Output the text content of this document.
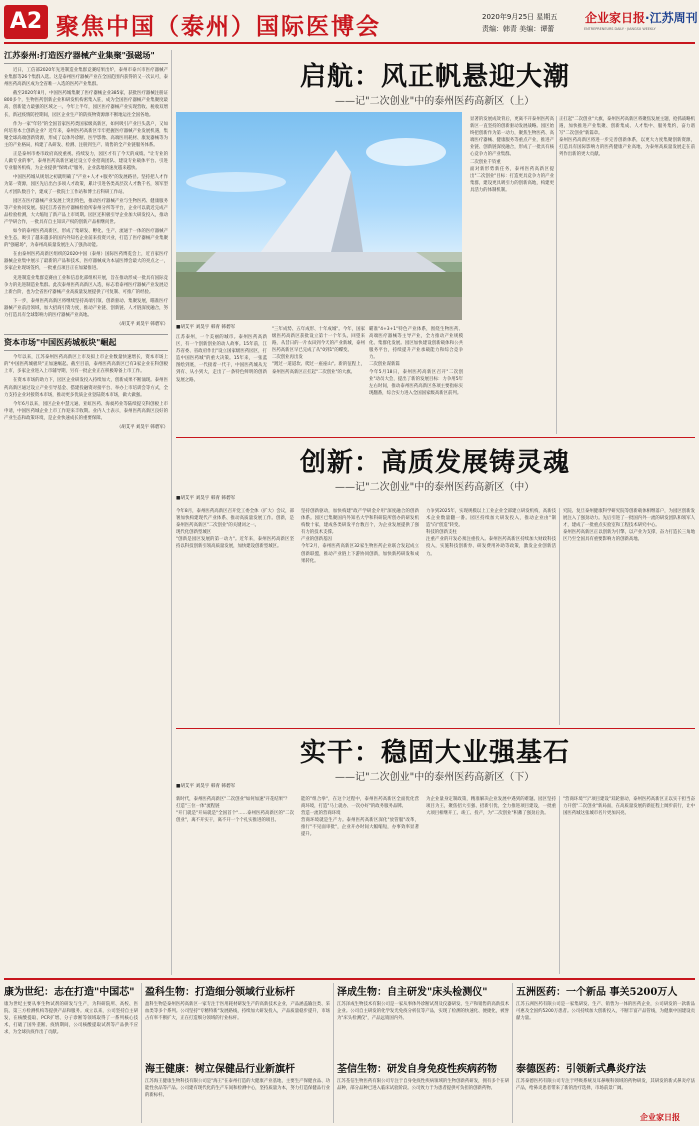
A2 聚焦中国（泰州）国际医博会	2020年9月25日 星期五
责编：韩青 美编：谭蕾
企业家日报·江苏周刊
ENTREPRENEURS DAILY · JIANGSU WEEKLY
江苏泰州:打造医疗器械产业集聚"强磁场"

近日，工信部2020年先进制造业集群竞赛结果出炉，泰州市泰兴市医疗器械产业集群等26个集群入选。这是泰州医疗器械产业在全国范围内获得的又一次认可，泰州医药高新区成为全省唯一入选的医药产业集群。

截至2020年8月，中国医药城集聚了医疗器械企业385家，获批医疗器械注册证800多个，生物医药创新企业和研发机构密集入驻，成为全国医疗器械产业集聚度最高、创新能力最强的区域之一。今年上半年，园区医疗器械产业实现营收、税收双增长，新冠疫情防控期间，园区企业生产的防疫物资源源不断地运往全国各地。

作为一家"年轻"的全国首家医药类国家级高新区，如何吸引产业巨头落户，又如何培育本土创新企业？近年来，泰州医药高新区牢牢把握医疗器械产业发展机遇，集聚全球高端创新资源，形成了以体外诊断、医学影像、高端医用耗材、康复器械等为主的产业格局，构建了从研发、检测、注册到生产、销售的全产业链服务体系。

正是泰州市委市政府高度重视、持续发力，园区才有了今天的成绩。"让专业的人做专业的事"，泰州医药高新区通过设立专业招商团队、建设专业载体平台、引进专业服务机构，为企业提供"保姆式"服务，企业落地的速度越来越快。

中国医药城从规划之初就明确了"产业+人才+服务"的发展路径。坚持把人才作为第一资源，园区先后出台多项人才政策，累计引进各类高层次人才数千名，领军型人才团队数百个，建成了一批院士工作站和博士后科研工作站。

园区在医疗器械产业发展上突出特色，推动医疗器械产业与生物医药、健康服务等产业协同发展。依托江苏省医疗器械检验所泰州分所等平台，企业可以就近完成产品检验检测，大大缩短了新产品上市周期。园区还积极引导企业加大研发投入，推动产学研合作，一批具有自主知识产权的创新产品相继问世。

如今的泰州医药高新区，形成了集研发、孵化、生产、流通于一体的医疗器械产业生态，吸引了越来越多的国内外知名企业前来投资兴业，打造了医疗器械产业集聚的"强磁场"，为泰州高质量发展注入了强劲动能。

在由泰州医药高新区组织的2020中国（泰州）国际医药博览会上，近百家医疗器械企业集中展示了最新的产品和技术，医疗器械成为本届医博会最大的亮点之一，多家企业现场签约，一批重点项目正在加紧推进。

先进制造业集群竞赛由工业和信息化部组织开展，旨在推动形成一批具有国际竞争力的先进制造业集群。此次泰州医药高新区入选，标志着泰州医疗器械产业发展迈上新台阶，也为全省医疗器械产业高质量发展提供了可复制、可推广的经验。

下一步，泰州医药高新区将继续坚持高端引领、创新驱动、集聚发展，瞄准医疗器械产业前沿领域，加大招商引资力度，推动产业链、创新链、人才链深度融合，努力打造具有全球影响力的医疗器械产业高地。

（胡艾平 刘昊宇 韩碧军）

资本市场"中国医药城板块"崛起

今年以来，江苏泰州医药高新区上市及拟上市企业数量快速增长，资本市场上的"中国医药城板块"正加速崛起。截至目前，泰州医药高新区已有3家企业在科创板上市，多家企业进入上市辅导期，另有一批企业正在积极筹备上市工作。

在资本市场的助力下，园区企业研发投入持续加大，创新成果不断涌现。泰州医药高新区通过设立产业引导基金、搭建投融资对接平台、举办上市培训会等方式，全力支持企业对接资本市场，推动更多优质企业登陆资本市场，做大做强。

今年6月以来，园区企业中慧元通、亚虹医药、海昶药业等陆续提交科创板上市申请，中国医药城企业上市工作迎来丰收期。业内人士表示，泰州医药高新区良好的产业生态和政策环境，是企业快速成长的重要保障。

（胡艾平 刘昊宇 韩碧军）

启航：风正帆悬迎大潮
——记"二次创业"中的泰州医药高新区（上）
■胡艾平 刘昊宇 韩青 韩碧军
江苏泰州，一个美丽的城市。泰州医药高新区，有一个创新创业的动人故事。15年前，江苏省委、省政府作出"设立国家级医药园区，打造中国医药城"的重大决策。15年来，一张蓝图绘到底，一代接着一代干，中国医药城从无到有、从小到大，走出了一条特色鲜明的创新发展之路。
"三年成势、五年成形、十年成城"。今年，国家级医药高新区获批设立第十一个年头。回望来路，从昔日的一片农田到今天的产业新城，泰州医药高新区早已完成了从"0到1"的蝶变。
二次创业再出发
"蹚过一道道坎、爬过一座座山"。新的征程上，泰州医药高新区正扛起"二次创业"的大旗。
显著的发展成效背后，更离不开泰州医药高新区一直坚持的创新驱动发展战略。园区始终把创新作为第一动力，聚焦生物医药、高端医疗器械、健康服务等重点产业，推进产业链、创新链深度融合，形成了一批具有核心竞争力的产业集群。
二次创业千钧重
面对新形势新任务，泰州医药高新区提出"二次创业"目标：打造更具竞争力的产业集群，建设更具吸引力的创新高地，构建更具活力的体制机制。
瞄准"4+3+1"特色产业体系，围绕生物医药、高端医疗器械等主导产业，全力推动产业规模化、集群化发展。园区加快建设创新载体和公共服务平台，持续提升产业承载能力和综合竞争力。
二次创业谋新篇
今年5月18日，泰州医药高新区召开"二次创业"动员大会，提出了新的发展目标：力争用5年左右时间，推动泰州医药高新区各项主要指标实现翻番，综合实力进入全国国家级高新区前列。
正扛起"二次创业"大旗，泰州医药高新区将聚焦发展主题，抢抓战略机遇，加快推进产业集聚、创新集成、人才集中、服务集约，奋力谱写"二次创业"新篇章。
泰州医药高新区将进一步完善创新体系，以更大力度集聚创新资源，打造具有国际影响力的医药健康产业高地，为泰州高质量发展走在前列作出新的更大贡献。
创新：高质发展铸灵魂
——记"二次创业"中的泰州医药高新区（中）
■胡艾平 刘昊宇 韩青 韩碧军
今年8月，泰州医药高新区召开党工委全体（扩大）会议，部署加快构建现代产业体系、推动高质量发展工作。创新，是泰州医药高新区"二次创业"的关键词之一。
现代化创新型城区
"创新是园区发展的第一动力"。近年来，泰州医药高新区坚持以科技创新引领高质量发展，加快建设创新型城区。
坚持创新驱动，加快构建"政产学研金介用"深度融合的创新体系。园区已集聚国内外知名大学和科研院所创办的研发机构数十家，建成各类研发平台数百个，为企业发展提供了强有力的技术支撑。
产业的创新基因
今年2月，泰州医药高新区32家生物医药企业联合发起成立创新联盟，推动产业链上下游协同创新，加快新药研发和成果转化。
力争到2025年，实现规模以上工业企业全部建立研发机构，高新技术企业数量翻一番。园区持续加大研发投入，推动企业由"制造"向"创造"转变。
科技的创新支柱
注重产业的开发必须注重投入。泰州医药高新区持续加大财政科技投入，实施科技创新券、研发费用补助等政策，激发企业创新活力。
究院、复旦泰州健康科学研究院等创新载体相继落户，为园区创新发展注入了强劲动力。先后引进了一批国内外一流的研发团队和领军人才，建成了一批重点实验室和工程技术研究中心。
泰州医药高新区正以创新为引擎，以产业为支撑，奋力打造长三角地区乃至全国具有重要影响力的创新高地。
实干：稳固大业强基石
——记"二次创业"中的泰州医药高新区（下）
■胡艾平 刘昊宇 韩青 韩碧军
新时代，泰州医药高新区"二次创业"如何加速"开花结果"？
打造"三位一体"流程链
"开门就是"开局就是"全国首个"……泰州医药高新区的"二次创业"，离不开实干，离不开一个个扎实推进的项目。
能的"组合拳"，在这个过程中，泰州医药高新区全面优化营商环境，打造"马上就办、一次办好"的政务服务品牌。
营造一流的营商环境
营商环境就是生产力。泰州医药高新区深化"放管服"改革，推行"不见面审批"，企业开办时间大幅缩短，办事效率显著提升。
为企业量身定制政策，精准解决企业发展中遇到的难题。园区坚持项目为王，聚焦招大引强、招新引优，全力推进项目建设，一批重大项目相继开工、竣工、投产，为"二次创业"积蓄了强劲后劲。
"营商环境"与"项目建设"双轮驱动，泰州医药高新区正以实干担当奋力开创"二次创业"新局面，在高质量发展的新征程上阔步前行，让中国医药城这张城市名片更加闪亮。
康为世纪：志在打造"中国芯"
康为世纪主要从事生物试剂的研发与生产，为科研院所、高校、医院、第三方检测机构等提供产品和服务。成立以来，公司坚持自主研发，在核酸提取、PCR扩增、分子诊断等领域取得了一系列核心技术，打破了国外垄断。疫情期间，公司核酸提取试剂等产品供不应求，为全球抗疫作出了贡献。
盈科生物：打造细分领域行业标杆
盈科生物是泰州医药高新区一家专注于医用耗材研发生产的高新技术企业，产品涵盖输注类、采血类等多个系列。公司坚持"专精特新"发展路线，持续加大研发投入，产品质量稳步提升，市场占有率不断扩大，正在打造细分领域的行业标杆。
海王健康：树立保健品行业新旗杆
江苏海王健康生物科技有限公司是"海王"在泰州打造的大健康产业基地，主要生产保健食品、功能性食品等产品。公司建有现代化的生产车间和检测中心，坚持质量为本，努力打造保健品行业的新标杆。
泽成生物：自主研发"床头检测仪"
江苏泽成生物技术有限公司是一家从事体外诊断试剂及仪器研发、生产和销售的高新技术企业。公司自主研发的化学发光免疫分析仪等产品，实现了检测的快速化、便捷化，被誉为"床头检测仪"，产品远销国内外。
荃信生物：研发自身免疫性疾病药物
江苏荃信生物医药有限公司专注于自身免疫性疾病领域的生物创新药研发，拥有多个在研品种，部分品种已进入临床试验阶段。公司致力于为患者提供可负担的创新药物。
五洲医药：一个新品 事关5200万人
江苏五洲医药有限公司是一家集研发、生产、销售为一体的医药企业，公司研发的一款新品可惠及全国约5200万患者。公司持续加大创新投入，不断丰富产品管线，为健康中国建设贡献力量。
泰德医药：引领新式鼻炎疗法
江苏泰德医药有限公司专注于呼吸系统及耳鼻喉科领域的药物研发，其研发的新式鼻炎疗法产品，给鼻炎患者带来了新的治疗选择，市场前景广阔。
企业家日报
